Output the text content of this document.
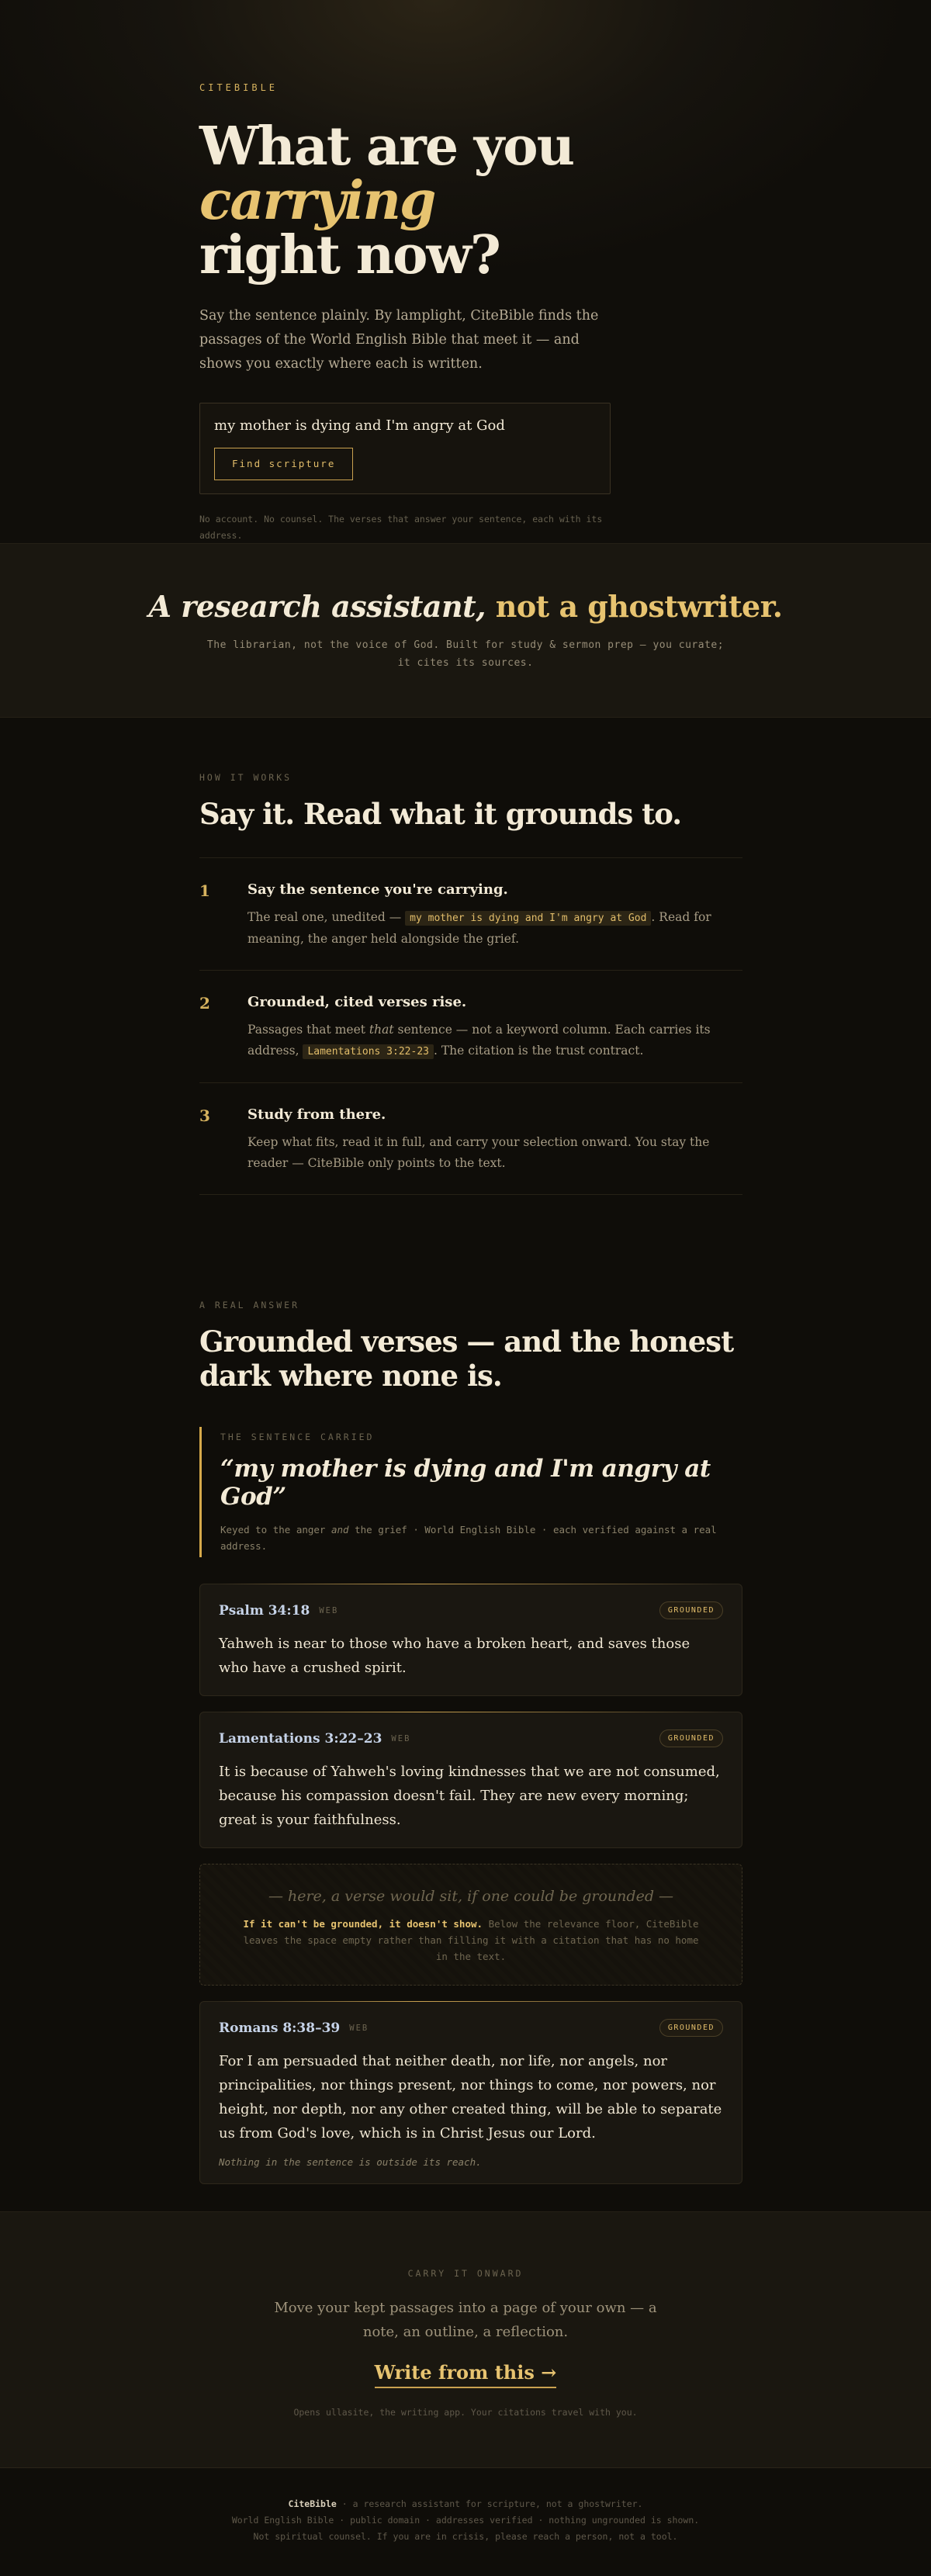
CITEBIBLE
What are you carrying
right now?

Say the sentence plainly. By lamplight, CiteBible finds the passages of the World English Bible that meet it — and shows you exactly where each is written.

my mother is dying and I'm angry at God
Find scripture

No account. No counsel. The verses that answer your sentence, each with its address.

A research assistant, not a ghostwriter.

The librarian, not the voice of God. Built for study & sermon prep — you curate; it cites its sources.

HOW IT WORKS
Say it. Read what it grounds to.
1	Say the sentence you're carrying.

The real one, unedited — my mother is dying and I'm angry at God . Read for meaning, the anger held alongside the grief.

2	Grounded, cited verses rise.

Passages that meet that sentence — not a keyword column. Each carries its address, Lamentations 3:22-23 . The citation is the trust contract.

3	Study from there.

Keep what fits, read it in full, and carry your selection onward. You stay the reader — CiteBible only points to the text.

A REAL ANSWER
Grounded verses — and the honest dark where none is.
THE SENTENCE CARRIED
“my mother is dying and I'm angry at God”
Keyed to the anger and the grief · World English Bible · each verified against a real address.
Psalm 34:18 WEB	GROUNDED
Yahweh is near to those who have a broken heart, and saves those who have a crushed spirit.
Lamentations 3:22–23 WEB	GROUNDED
It is because of Yahweh's loving kindnesses that we are not consumed, because his compassion doesn't fail. They are new every morning; great is your faithfulness.
— here, a verse would sit, if one could be grounded —
If it can't be grounded, it doesn't show. Below the relevance floor, CiteBible leaves the space empty rather than filling it with a citation that has no home in the text.
Romans 8:38–39 WEB	GROUNDED
For I am persuaded that neither death, nor life, nor angels, nor principalities, nor things present, nor things to come, nor powers, nor height, nor depth, nor any other created thing, will be able to separate us from God's love, which is in Christ Jesus our Lord.
Nothing in the sentence is outside its reach.
CARRY IT ONWARD

Move your kept passages into a page of your own — a note, an outline, a reflection.

Write from this →

Opens ullasite, the writing app. Your citations travel with you.

CiteBible · a research assistant for scripture, not a ghostwriter.

World English Bible · public domain · addresses verified · nothing ungrounded is shown.

Not spiritual counsel. If you are in crisis, please reach a person, not a tool.
